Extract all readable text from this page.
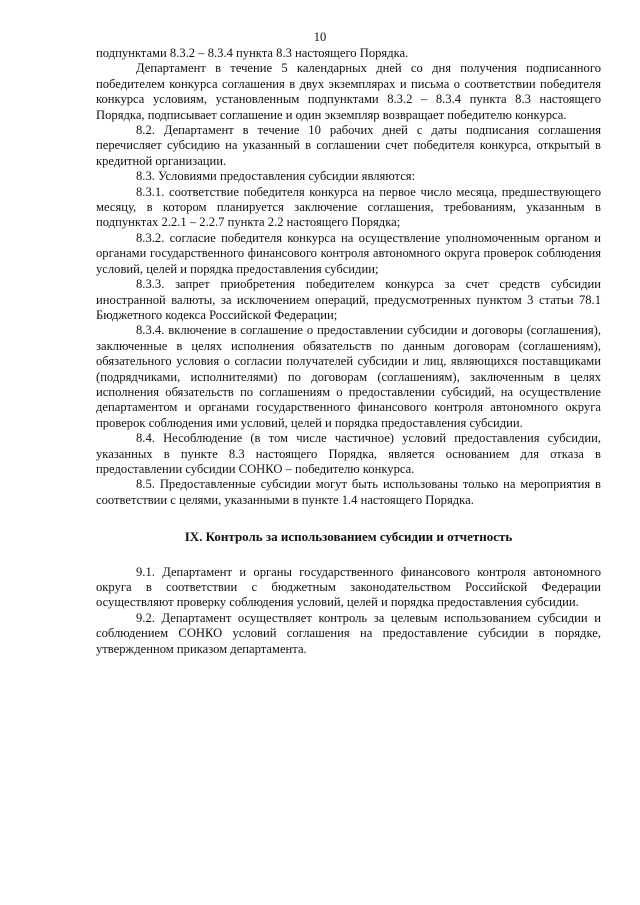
10

подпунктами 8.3.2 – 8.3.4 пункта 8.3 настоящего Порядка.

Департамент в течение 5 календарных дней со дня получения подписанного победителем конкурса соглашения в двух экземплярах и письма о соответствии победителя конкурса условиям, установленным подпунктами 8.3.2 – 8.3.4 пункта 8.3 настоящего Порядка, подписывает соглашение и один экземпляр возвращает победителю конкурса.

8.2. Департамент в течение 10 рабочих дней с даты подписания соглашения перечисляет субсидию на указанный в соглашении счет победителя конкурса, открытый в кредитной организации.

8.3. Условиями предоставления субсидии являются:

8.3.1. соответствие победителя конкурса на первое число месяца, предшествующего месяцу, в котором планируется заключение соглашения, требованиям, указанным в подпунктах 2.2.1 – 2.2.7 пункта 2.2 настоящего Порядка;

8.3.2. согласие победителя конкурса на осуществление уполномоченным органом и органами государственного финансового контроля автономного округа проверок соблюдения условий, целей и порядка предоставления субсидии;

8.3.3. запрет приобретения победителем конкурса за счет средств субсидии иностранной валюты, за исключением операций, предусмотренных пунктом 3 статьи 78.1 Бюджетного кодекса Российской Федерации;

8.3.4. включение в соглашение о предоставлении субсидии и договоры (соглашения), заключенные в целях исполнения обязательств по данным договорам (соглашениям), обязательного условия о согласии получателей субсидии и лиц, являющихся поставщиками (подрядчиками, исполнителями) по договорам (соглашениям), заключенным в целях исполнения обязательств по соглашениям о предоставлении субсидий, на осуществление департаментом и органами государственного финансового контроля автономного округа проверок соблюдения ими условий, целей и порядка предоставления субсидии.

8.4. Несоблюдение (в том числе частичное) условий предоставления субсидии, указанных в пункте 8.3 настоящего Порядка, является основанием для отказа в предоставлении субсидии СОНКО – победителю конкурса.

8.5. Предоставленные субсидии могут быть использованы только на мероприятия в соответствии с целями, указанными в пункте 1.4 настоящего Порядка.

IX. Контроль за использованием субсидии и отчетность

9.1. Департамент и органы государственного финансового контроля автономного округа в соответствии с бюджетным законодательством Российской Федерации осуществляют проверку соблюдения условий, целей и порядка предоставления субсидии.

9.2. Департамент осуществляет контроль за целевым использованием субсидии и соблюдением СОНКО условий соглашения на предоставление субсидии в порядке, утвержденном приказом департамента.
